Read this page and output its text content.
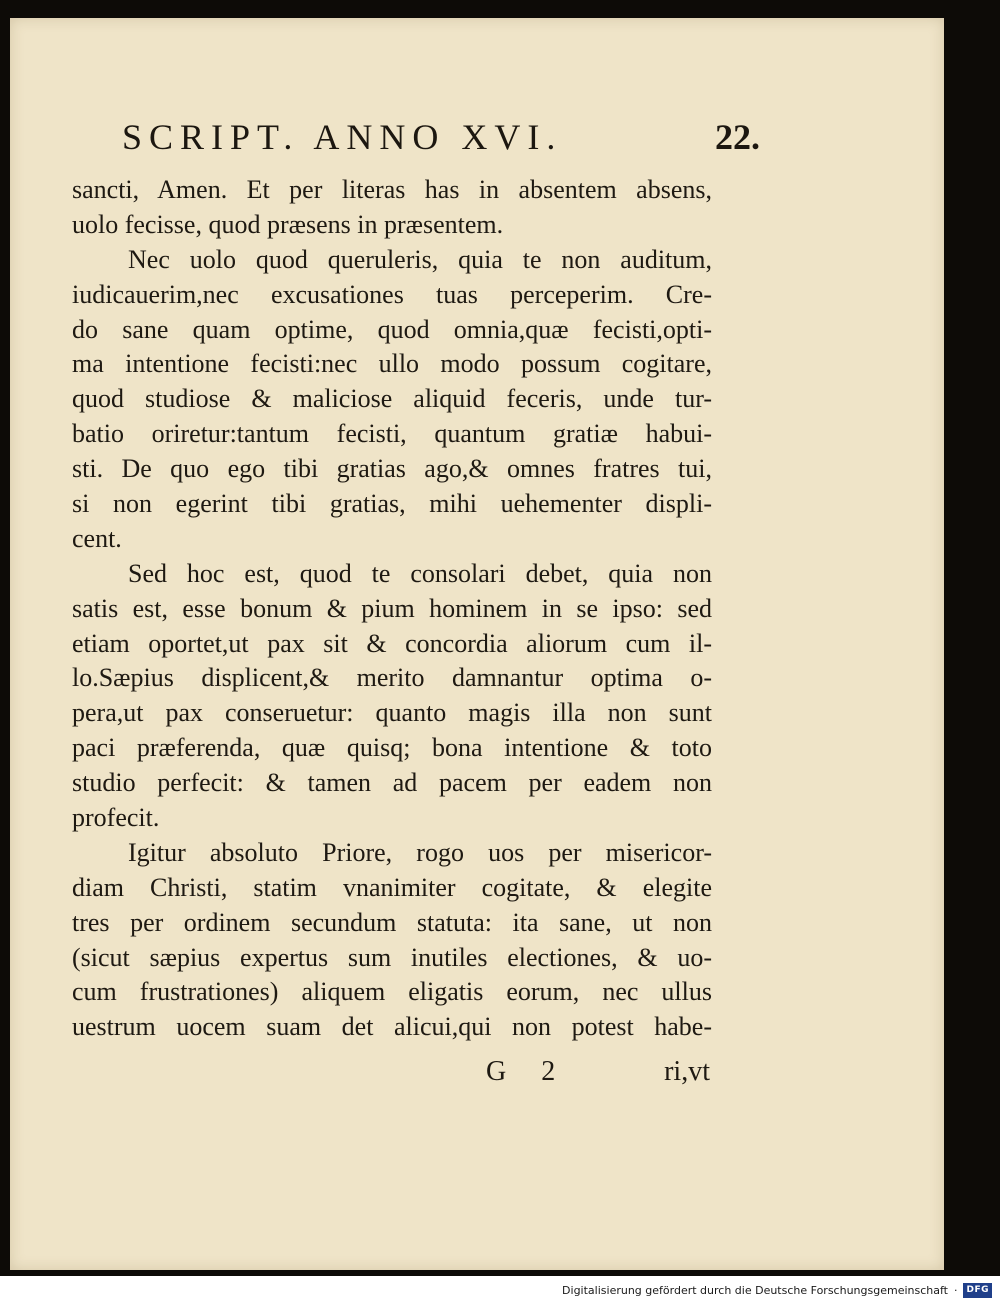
SCRIPT. ANNO XVI.	22.
sancti, Amen. Et per literas has in absentem absens,
uolo fecisse, quod præsens in præsentem.
Nec uolo quod queruleris, quia te non auditum,
iudicauerim,nec excusationes tuas perceperim. Cre-
do sane quam optime, quod omnia,quæ fecisti,opti-
ma intentione fecisti:nec ullo modo possum cogitare,
quod studiose & maliciose aliquid feceris, unde tur-
batio oriretur:tantum fecisti, quantum gratiæ habui-
sti. De quo ego tibi gratias ago,& omnes fratres tui,
si non egerint tibi gratias, mihi uehementer displi-
cent.
Sed hoc est, quod te consolari debet, quia non
satis est, esse bonum & pium hominem in se ipso: sed
etiam oportet,ut pax sit & concordia aliorum cum il-
lo.Sæpius displicent,& merito damnantur optima o-
pera,ut pax conseruetur: quanto magis illa non sunt
paci præferenda, quæ quisq; bona intentione & toto
studio perfecit: & tamen ad pacem per eadem non
profecit.
Igitur absoluto Priore, rogo uos per misericor-
diam Christi, statim vnanimiter cogitate, & elegite
tres per ordinem secundum statuta: ita sane, ut non
(sicut sæpius expertus sum inutiles electiones, & uo-
cum frustrationes) aliquem eligatis eorum, nec ullus
uestrum uocem suam det alicui,qui non potest habe-
G 2	ri,vt
Digitalisierung gefördert durch die Deutsche Forschungsgemeinschaft ·	DFG
